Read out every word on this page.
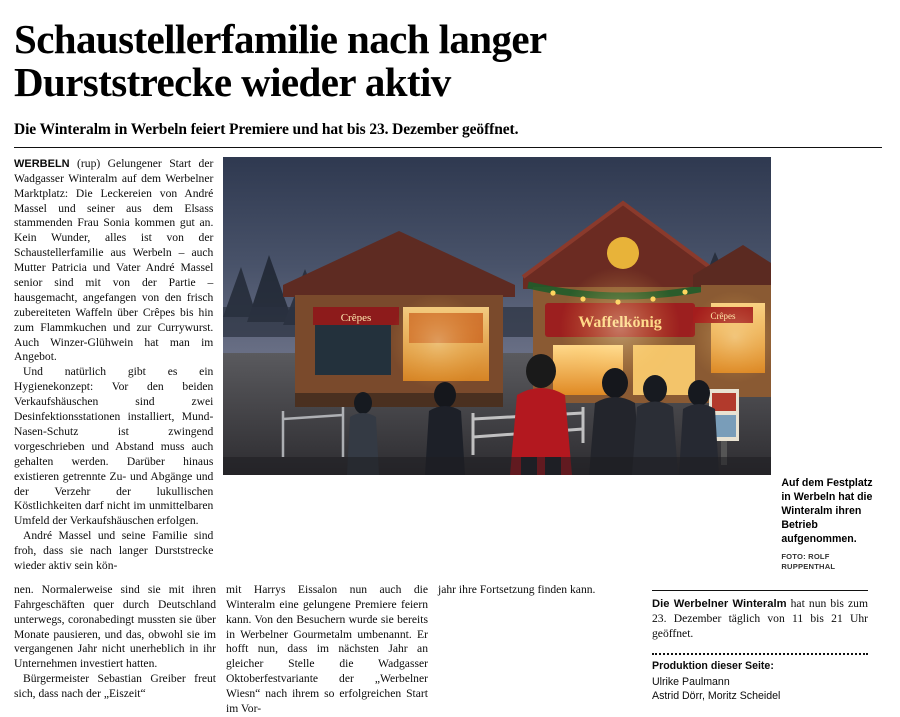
Schaustellerfamilie nach langer
Durststrecke wieder aktiv
Die Winteralm in Werbeln feiert Premiere und hat bis 23. Dezember geöffnet.

WERBELN (rup) Gelungener Start der Wadgasser Winteralm auf dem Werbelner Marktplatz: Die Leckereien von André Massel und seiner aus dem Elsass stammenden Frau Sonia kommen gut an. Kein Wunder, alles ist von der Schaustellerfamilie aus Werbeln – auch Mutter Patricia und Vater André Massel senior sind mit von der Partie – hausgemacht, angefangen von den frisch zubereiteten Waffeln über Crêpes bis hin zum Flammkuchen und zur Currywurst. Auch Winzer-Glühwein hat man im Angebot.

Und natürlich gibt es ein Hygienekonzept: Vor den beiden Verkaufshäuschen sind zwei Desinfektionsstationen installiert, Mund-Nasen-Schutz ist zwingend vorgeschrieben und Abstand muss auch gehalten werden. Darüber hinaus existieren getrennte Zu- und Abgänge und der Verzehr der lukullischen Köstlichkeiten darf nicht im unmittelbaren Umfeld der Verkaufshäuschen erfolgen.

André Massel und seine Familie sind froh, dass sie nach langer Durststrecke wieder aktiv sein kön-

Crêpes	Waffelkönig	Crêpes
Auf dem Festplatz in Werbeln hat die Winteralm ihren Betrieb aufgenommen.
FOTO: ROLF RUPPENTHAL

nen. Normalerweise sind sie mit ihren Fahrgeschäften quer durch Deutschland unterwegs, coronabedingt mussten sie über Monate pausieren, und das, obwohl sie im vergangenen Jahr nicht unerheblich in ihr Unternehmen investiert hatten.

Bürgermeister Sebastian Greiber freut sich, dass nach der „Eiszeit“

mit Harrys Eissalon nun auch die Winteralm eine gelungene Premiere feiern kann. Von den Besuchern wurde sie bereits in Werbelner Gourmetalm umbenannt. Er hofft nun, dass im nächsten Jahr an gleicher Stelle die Wadgasser Oktoberfestvariante der „Werbelner Wiesn“ nach ihrem so erfolgreichen Start im Vor-

jahr ihre Fortsetzung finden kann.

Die Werbelner Winteralm hat nun bis zum 23. Dezember täglich von 11 bis 21 Uhr geöffnet.
Produktion dieser Seite:
Ulrike Paulmann
Astrid Dörr, Moritz Scheidel
